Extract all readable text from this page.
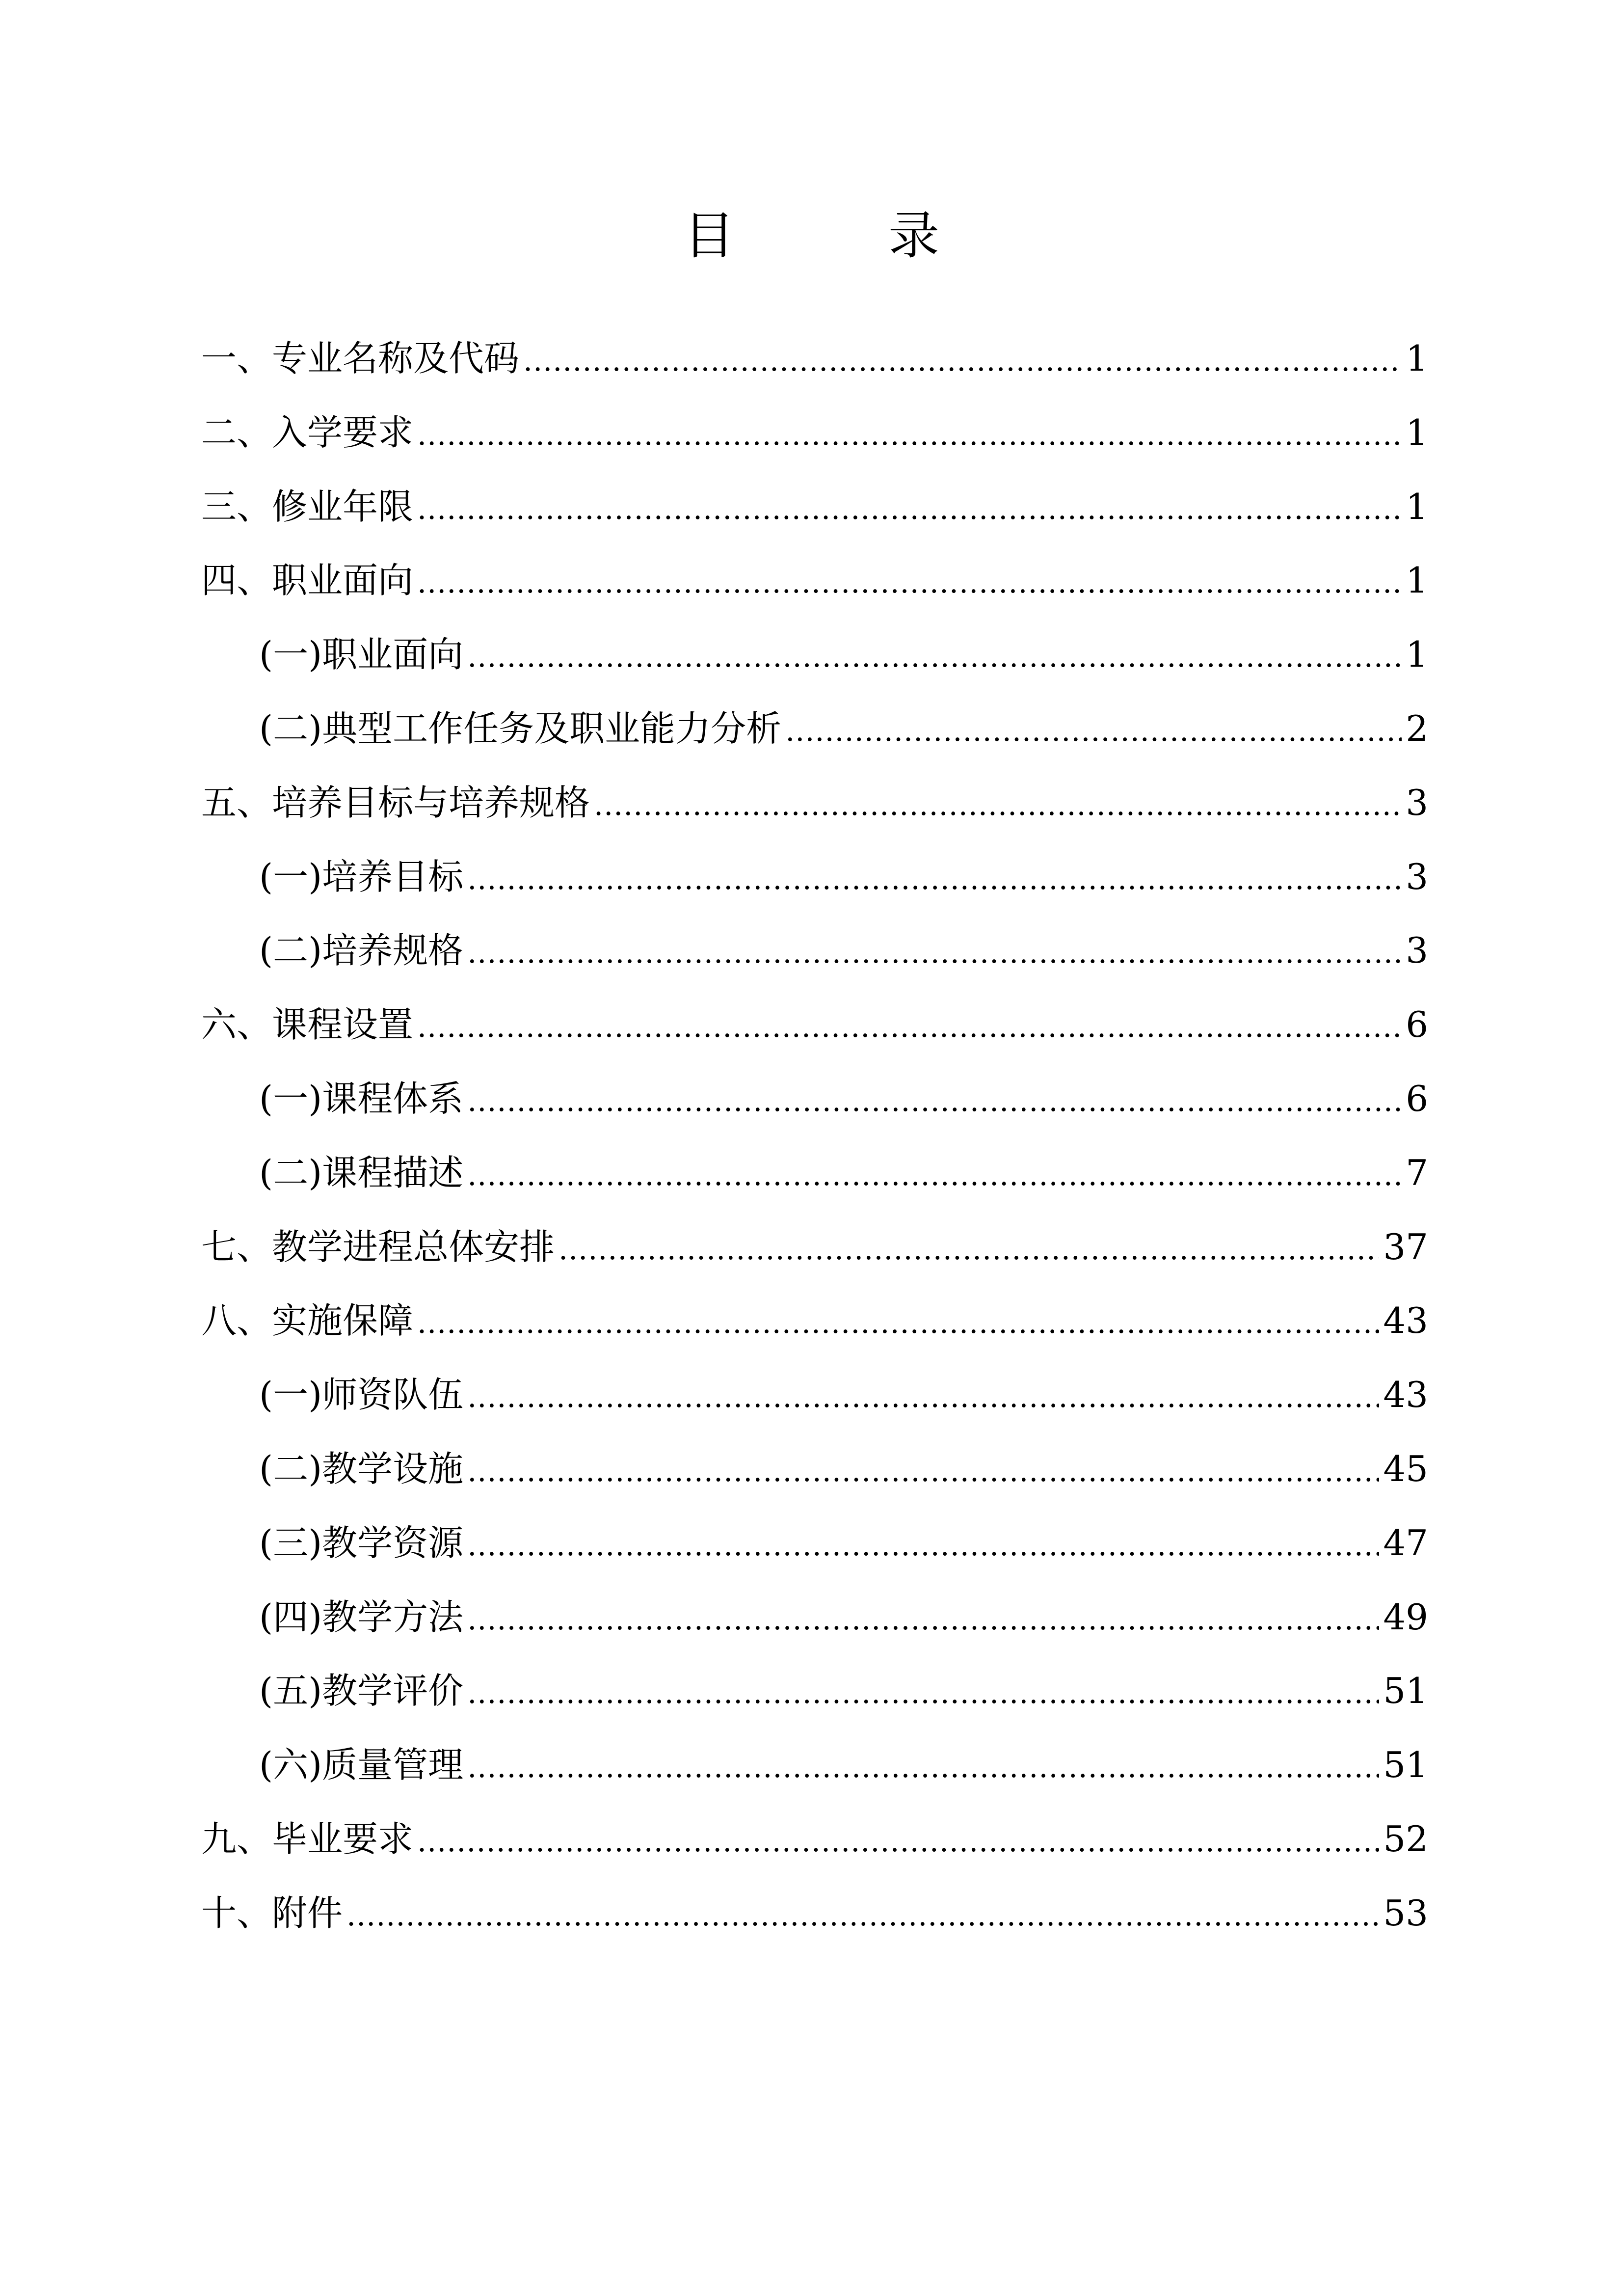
目 录
一、专业名称及代码 .....	1
二、入学要求 .....	1
三、修业年限 .....	1
四、职业面向 .....	1
(一)职业面向 .....	1
(二)典型工作任务及职业能力分析 .....	2
五、培养目标与培养规格 .....	3
(一)培养目标 .....	3
(二)培养规格 .....	3
六、课程设置 .....	6
(一)课程体系 .....	6
(二)课程描述 .....	7
七、教学进程总体安排 .....	37
八、实施保障 .....	43
(一)师资队伍 .....	43
(二)教学设施 .....	45
(三)教学资源 .....	47
(四)教学方法 .....	49
(五)教学评价 .....	51
(六)质量管理 .....	51
九、毕业要求 .....	52
十、附件 .....	53
